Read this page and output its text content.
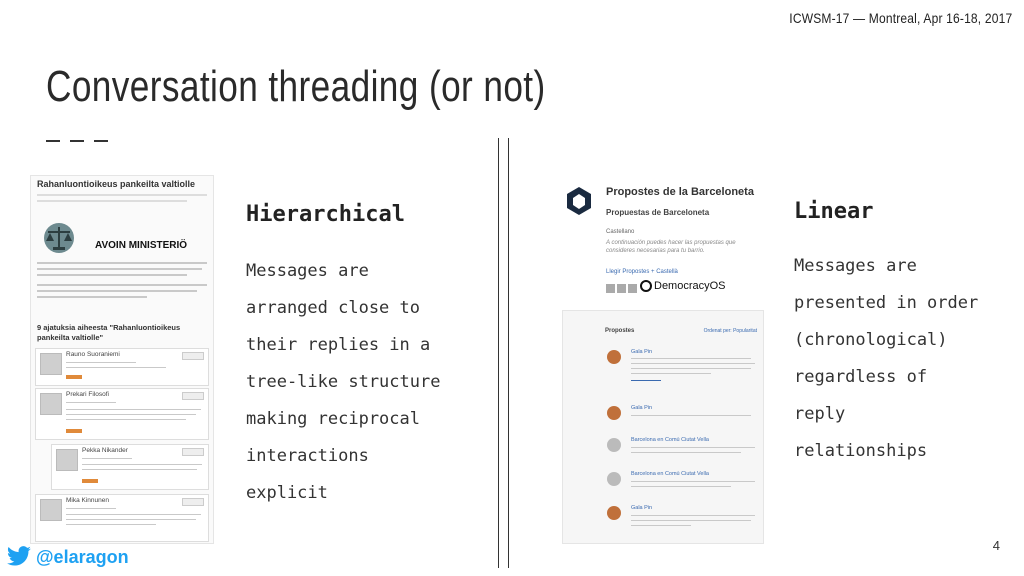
ICWSM-17 — Montreal, Apr 16-18, 2017
Conversation threading (or not)
Rahanluontioikeus pankeilta valtiolle
AVOIN MINISTERIÖ
9 ajatuksia aiheesta "Rahanluontioikeus pankeilta valtiolle"
Rauno Suoraniemi
Prekari Filosofi
Pekka Nikander
Mika Kinnunen
Hierarchical
Messages are
arranged close to
their replies in a
tree-like structure
making reciprocal
interactions
explicit
Propostes de la Barceloneta
Propuestas de Barceloneta
Castellano
A continuación puedes hacer las propuestas que
consideres necesarias para tu barrio.
Llegir Propostes + Castellà
DemocracyOS
Propostes	Ordenat per: Popularitat
Gala Pin
Gala Pin
Barcelona en Comú Ciutat Vella
Barcelona en Comú Ciutat Vella
Gala Pin
Linear
Messages are
presented in order
(chronological)
regardless of
reply
relationships
4
@elaragon
